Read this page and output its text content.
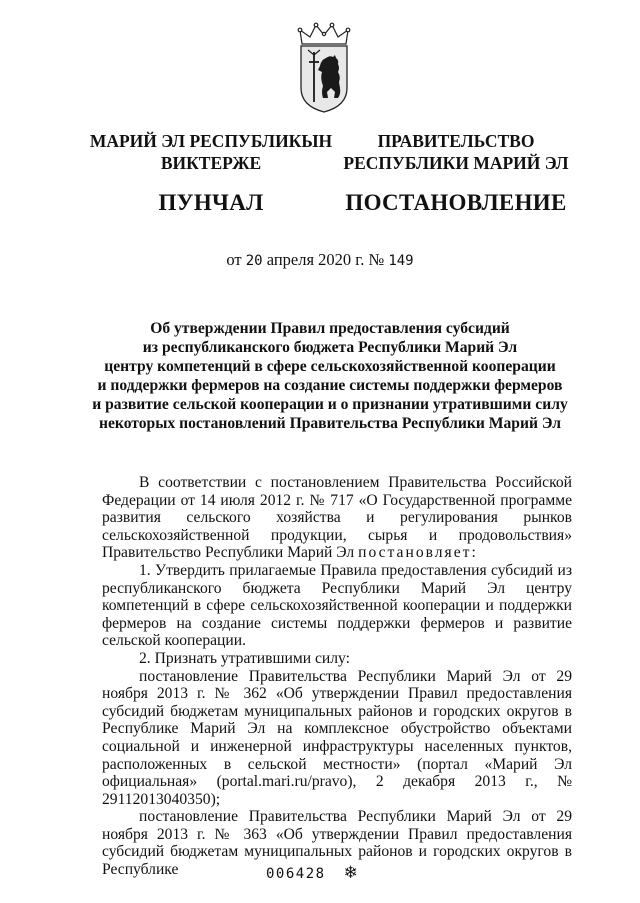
МАРИЙ ЭЛ РЕСПУБЛИКЫН
ВИКТЕРЖЕ
ПУНЧАЛ
ПРАВИТЕЛЬСТВО
РЕСПУБЛИКИ МАРИЙ ЭЛ
ПОСТАНОВЛЕНИЕ
от 20 апреля 2020 г. № 149
Об утверждении Правил предоставления субсидий
из республиканского бюджета Республики Марий Эл
центру компетенций в сфере сельскохозяйственной кооперации
и поддержки фермеров на создание системы поддержки фермеров
и развитие сельской кооперации и о признании утратившими силу
некоторых постановлений Правительства Республики Марий Эл

В соответствии с постановлением Правительства Российской Федерации от 14 июля 2012 г. № 717 «О Государственной программе развития сельского хозяйства и регулирования рынков сельскохозяйственной продукции, сырья и продовольствия» Правительство Республики Марий Эл постановляет:

1. Утвердить прилагаемые Правила предоставления субсидий из республиканского бюджета Республики Марий Эл центру компетенций в сфере сельскохозяйственной кооперации и поддержки фермеров на создание системы поддержки фермеров и развитие сельской кооперации.

2. Признать утратившими силу:

постановление Правительства Республики Марий Эл от 29 ноября 2013 г. № 362 «Об утверждении Правил предоставления субсидий бюджетам муниципальных районов и городских округов в Республике Марий Эл на комплексное обустройство объектами социальной и инженерной инфраструктуры населенных пунктов, расположенных в сельской местности» (портал «Марий Эл официальная» (portal.mari.ru/pravo), 2 декабря 2013 г., № 29112013040350);

постановление Правительства Республики Марий Эл от 29 ноября 2013 г. № 363 «Об утверждении Правил предоставления субсидий бюджетам муниципальных районов и городских округов в Республике	006428 ❄
